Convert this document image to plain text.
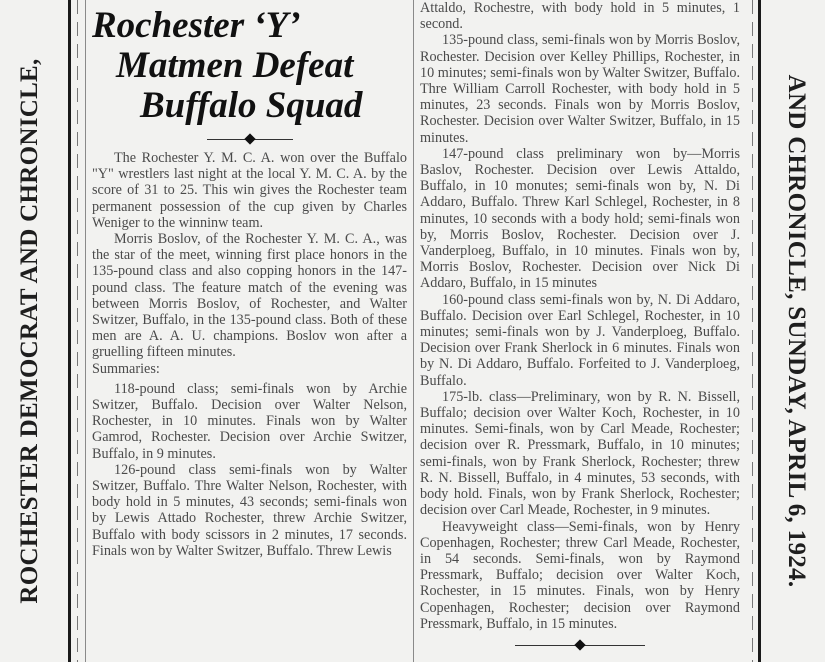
ROCHESTER DEMOCRAT AND CHRONICLE,
Rochester ‘Y’
Matmen Defeat
Buffalo Squad

The Rochester Y. M. C. A. won over the Buffalo "Y" wrestlers last night at the local Y. M. C. A. by the score of 31 to 25. This win gives the Rochester team permanent possession of the cup given by Charles Weniger to the winninw team.

Morris Boslov, of the Rochester Y. M. C. A., was the star of the meet, winning first place honors in the 135-pound class and also copping honors in the 147-pound class. The feature match of the evening was between Morris Boslov, of Rochester, and Walter Switzer, Buffalo, in the 135-pound class. Both of these men are A. A. U. champions. Boslov won after a gruelling fifteen minutes.

Summaries:

118-pound class; semi-finals won by Archie Switzer, Buffalo. Decision over Walter Nelson, Rochester, in 10 minutes. Finals won by Walter Gamrod, Rochester. Decision over Archie Switzer, Buffalo, in 9 minutes.

126-pound class semi-finals won by Walter Switzer, Buffalo. Thre Walter Nelson, Rochester, with body hold in 5 minutes, 43 seconds; semi-finals won by Lewis Attado Rochester, threw Archie Switzer, Buffalo with body scissors in 2 minutes, 17 seconds. Finals won by Walter Switzer, Buffalo. Threw Lewis

Attaldo, Rochestre, with body hold in 5 minutes, 1 second.

135-pound class, semi-finals won by Morris Boslov, Rochester. Decision over Kelley Phillips, Rochester, in 10 minutes; semi-finals won by Walter Switzer, Buffalo. Thre William Carroll Rochester, with body hold in 5 minutes, 23 seconds. Finals won by Morris Boslov, Rochester. Decision over Walter Switzer, Buffalo, in 15 minutes.

147-pound class preliminary won by—Morris Baslov, Rochester. Decision over Lewis Attaldo, Buffalo, in 10 monutes; semi-finals won by, N. Di Addaro, Buffalo. Threw Karl Schlegel, Rochester, in 8 minutes, 10 seconds with a body hold; semi-finals won by, Morris Boslov, Rochester. Decision over J. Vanderploeg, Buffalo, in 10 minutes. Finals won by, Morris Boslov, Rochester. Decision over Nick Di Addaro, Buffalo, in 15 minutes

160-pound class semi-finals won by, N. Di Addaro, Buffalo. Decision over Earl Schlegel, Rochester, in 10 minutes; semi-finals won by J. Vanderploeg, Buffalo. Decision over Frank Sherlock in 6 minutes. Finals won by N. Di Addaro, Buffalo. Forfeited to J. Vanderploeg, Buffalo.

175-lb. class—Preliminary, won by R. N. Bissell, Buffalo; decision over Walter Koch, Rochester, in 10 minutes. Semi-finals, won by Carl Meade, Rochester; decision over R. Pressmark, Buffalo, in 10 minutes; semi-finals, won by Frank Sherlock, Rochester; threw R. N. Bissell, Buffalo, in 4 minutes, 53 seconds, with body hold. Finals, won by Frank Sherlock, Rochester; decision over Carl Meade, Rochester, in 9 minutes.

Heavyweight class—Semi-finals, won by Henry Copenhagen, Rochester; threw Carl Meade, Rochester, in 54 seconds. Semi-finals, won by Raymond Pressmark, Buffalo; decision over Walter Koch, Rochester, in 15 minutes. Finals, won by Henry Copenhagen, Rochester; decision over Raymond Pressmark, Buffalo, in 15 minutes.

AND CHRONICLE, SUNDAY, APRIL 6, 1924.
